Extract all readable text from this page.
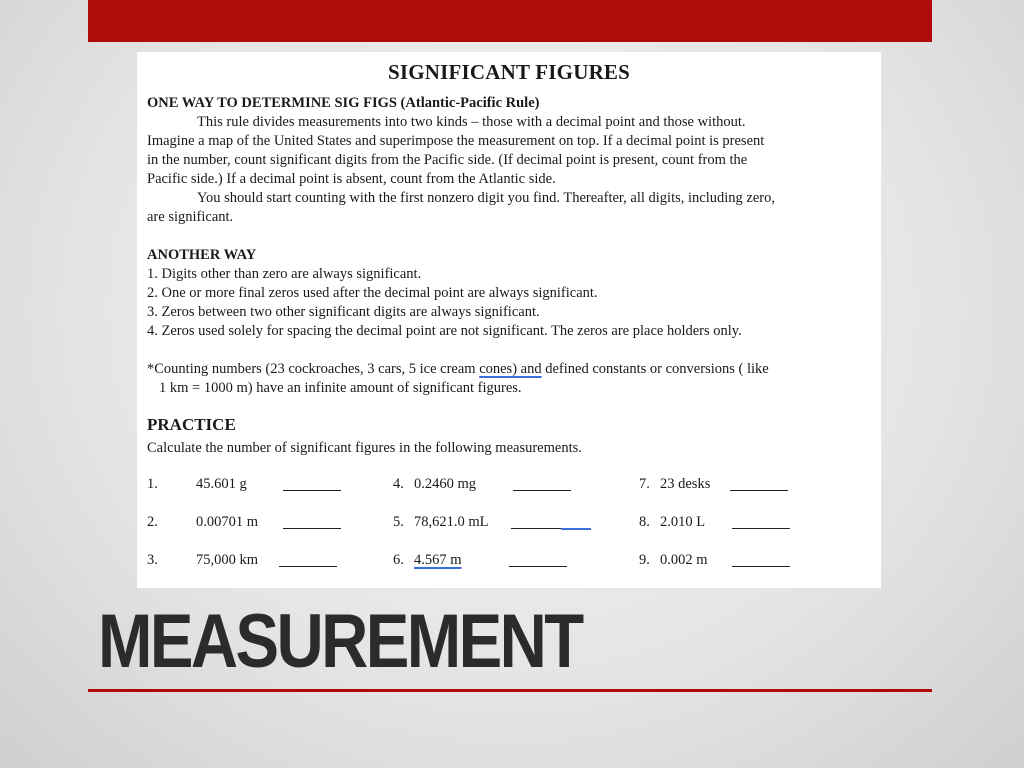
SIGNIFICANT FIGURES
ONE WAY TO DETERMINE SIG FIGS (Atlantic-Pacific Rule)
This rule divides measurements into two kinds – those with a decimal point and those without.
Imagine a map of the United States and superimpose the measurement on top. If a decimal point is present
in the number, count significant digits from the Pacific side. (If decimal point is present, count from the
Pacific side.) If a decimal point is absent, count from the Atlantic side.
You should start counting with the first nonzero digit you find. Thereafter, all digits, including zero,
are significant.
ANOTHER WAY
1. Digits other than zero are always significant.
2. One or more final zeros used after the decimal point are always significant.
3. Zeros between two other significant digits are always significant.
4. Zeros used solely for spacing the decimal point are not significant. The zeros are place holders only.
*Counting numbers (23 cockroaches, 3 cars, 5 ice cream cones) and defined constants or conversions ( like
1 km = 1000 m) have an infinite amount of significant figures.
PRACTICE
Calculate the number of significant figures in the following measurements.
1.	45.601 g	4. 0.2460 mg	7. 23 desks
2.	0.00701 m	5. 78,621.0 mL	8. 2.010 L
3.	75,000 km	6. 4.567 m	9. 0.002 m
MEASUREMENT
